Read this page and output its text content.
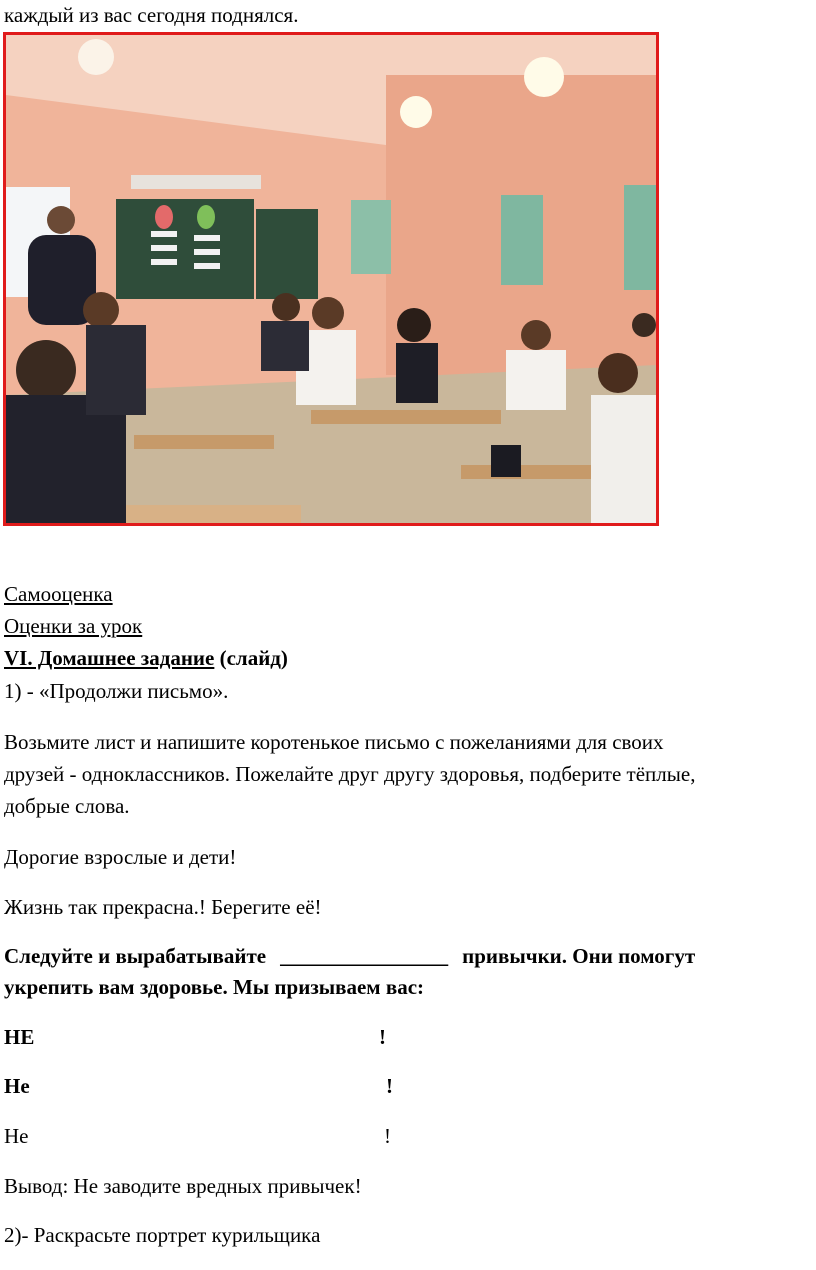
каждый из вас сегодня поднялся.
Самооценка
Оценки за урок
VI. Домашнее задание (слайд)
1) - «Продолжи письмо».
Возьмите лист и напишите коротенькое письмо с пожеланиями для своих
друзей - одноклассников. Пожелайте друг другу здоровья, подберите тёплые,
добрые слова.
Дорогие взрослые и дети!
Жизнь так прекрасна.! Берегите её!
Следуйте и вырабатывайте ________________ привычки. Они помогут
укрепить вам здоровье. Мы призываем вас:
НЕ	!
Не	!
Не	!
Вывод: Не заводите вредных привычек!
2)- Раскрасьте портрет курильщика
